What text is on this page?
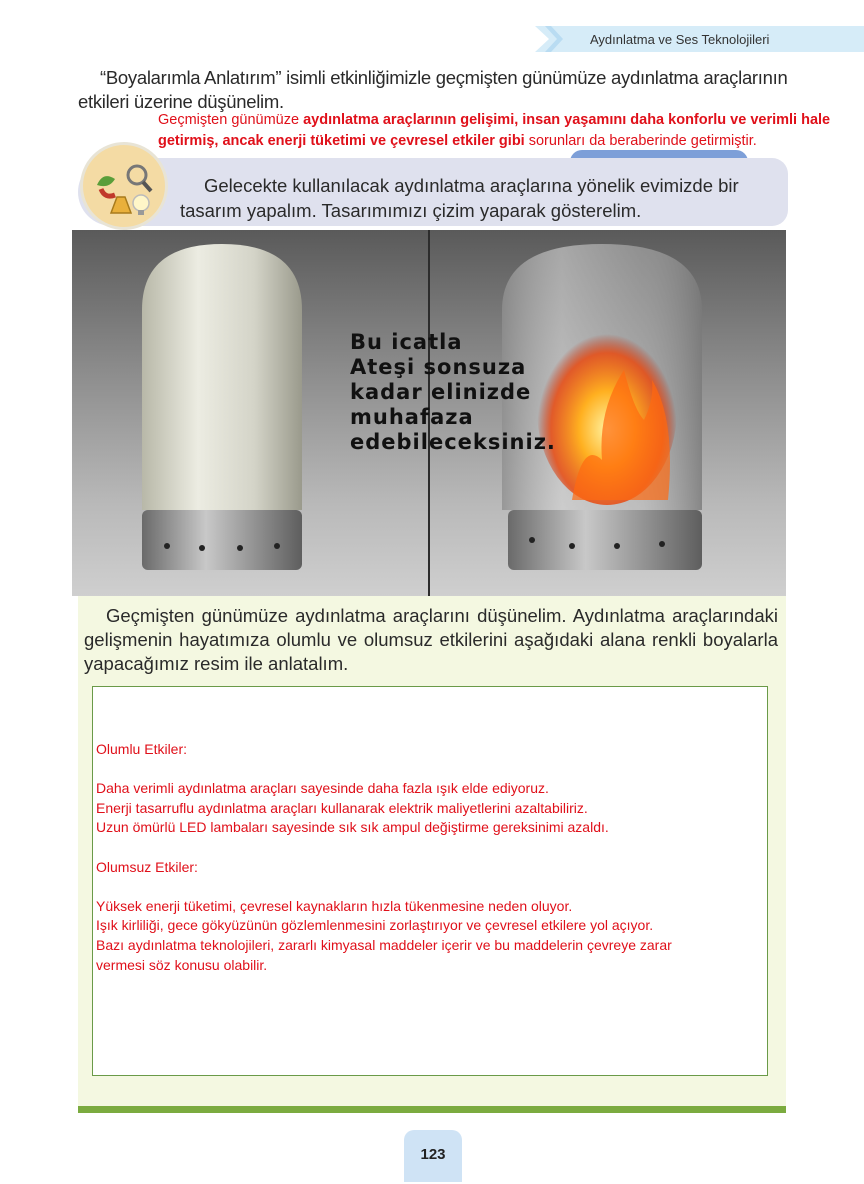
Aydınlatma ve Ses Teknolojileri
“Boyalarımla Anlatırım” isimli etkinliğimizle geçmişten günümüze aydınlatma araçlarının etkileri üzerine düşünelim.
Geçmişten günümüze aydınlatma araçlarının gelişimi, insan yaşamını daha konforlu ve verimli hale getirmiş, ancak enerji tüketimi ve çevresel etkiler gibi sorunları da beraberinde getirmiştir.
Gelecekte kullanılacak aydınlatma araçlarına yönelik evimizde bir tasarım yapalım. Tasarımımızı çizim yaparak gösterelim.
Bu icatla
Ateşi sonsuza
kadar elinizde
muhafaza
edebileceksiniz.
Geçmişten günümüze aydınlatma araçlarını düşünelim. Aydınlatma araçlarındaki gelişmenin hayatımıza olumlu ve olumsuz etkilerini aşağıdaki alana renkli boyalarla yapacağımız resim ile anlatalım.
Olumlu Etkiler:
Daha verimli aydınlatma araçları sayesinde daha fazla ışık elde ediyoruz.
Enerji tasarruflu aydınlatma araçları kullanarak elektrik maliyetlerini azaltabiliriz.
Uzun ömürlü LED lambaları sayesinde sık sık ampul değiştirme gereksinimi azaldı.
Olumsuz Etkiler:
Yüksek enerji tüketimi, çevresel kaynakların hızla tükenmesine neden oluyor.
Işık kirliliği, gece gökyüzünün gözlemlenmesini zorlaştırıyor ve çevresel etkilere yol açıyor.
Bazı aydınlatma teknolojileri, zararlı kimyasal maddeler içerir ve bu maddelerin çevreye zarar
vermesi söz konusu olabilir.
123
